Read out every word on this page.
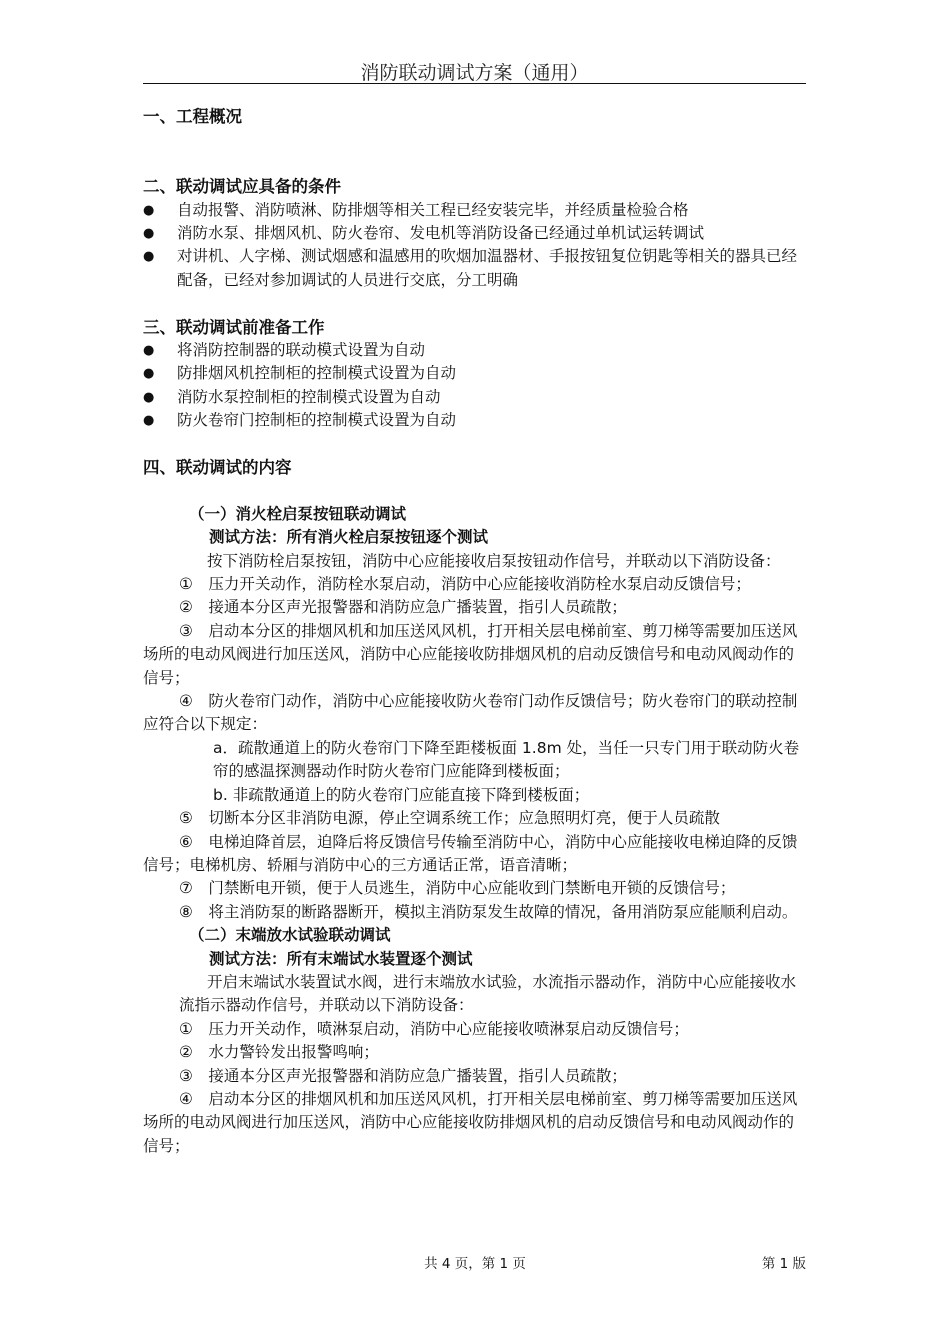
消防联动调试方案（通用）
一、工程概况
二、联动调试应具备的条件
●	自动报警、消防喷淋、防排烟等相关工程已经安装完毕，并经质量检验合格
●	消防水泵、排烟风机、防火卷帘、发电机等消防设备已经通过单机试运转调试
●	对讲机、人字梯、测试烟感和温感用的吹烟加温器材、手报按钮复位钥匙等相关的器具已经配备，已经对参加调试的人员进行交底，分工明确
三、联动调试前准备工作
●	将消防控制器的联动模式设置为自动
●	防排烟风机控制柜的控制模式设置为自动
●	消防水泵控制柜的控制模式设置为自动
●	防火卷帘门控制柜的控制模式设置为自动
四、联动调试的内容
（一）消火栓启泵按钮联动调试
测试方法：所有消火栓启泵按钮逐个测试
按下消防栓启泵按钮，消防中心应能接收启泵按钮动作信号，并联动以下消防设备：
①　压力开关动作，消防栓水泵启动，消防中心应能接收消防栓水泵启动反馈信号；
②　接通本分区声光报警器和消防应急广播装置，指引人员疏散；
③　启动本分区的排烟风机和加压送风风机，打开相关层电梯前室、剪刀梯等需要加压送风场所的电动风阀进行加压送风，消防中心应能接收防排烟风机的启动反馈信号和电动风阀动作的信号；
④　防火卷帘门动作，消防中心应能接收防火卷帘门动作反馈信号；防火卷帘门的联动控制应符合以下规定：
a．疏散通道上的防火卷帘门下降至距楼板面 1.8m 处，当任一只专门用于联动防火卷帘的感温探测器动作时防火卷帘门应能降到楼板面；
b. 非疏散通道上的防火卷帘门应能直接下降到楼板面；
⑤　切断本分区非消防电源，停止空调系统工作；应急照明灯亮，便于人员疏散
⑥　电梯迫降首层，迫降后将反馈信号传输至消防中心，消防中心应能接收电梯迫降的反馈信号；电梯机房、轿厢与消防中心的三方通话正常，语音清晰；
⑦　门禁断电开锁，便于人员逃生，消防中心应能收到门禁断电开锁的反馈信号；
⑧　将主消防泵的断路器断开，模拟主消防泵发生故障的情况，备用消防泵应能顺利启动。
（二）末端放水试验联动调试
测试方法：所有末端试水装置逐个测试
开启末端试水装置试水阀，进行末端放水试验，水流指示器动作，消防中心应能接收水流指示器动作信号，并联动以下消防设备：
①　压力开关动作，喷淋泵启动，消防中心应能接收喷淋泵启动反馈信号；
②　水力警铃发出报警鸣响；
③　接通本分区声光报警器和消防应急广播装置，指引人员疏散；
④　启动本分区的排烟风机和加压送风风机，打开相关层电梯前室、剪刀梯等需要加压送风场所的电动风阀进行加压送风，消防中心应能接收防排烟风机的启动反馈信号和电动风阀动作的信号；
共 4 页，第 1 页	第 1 版
